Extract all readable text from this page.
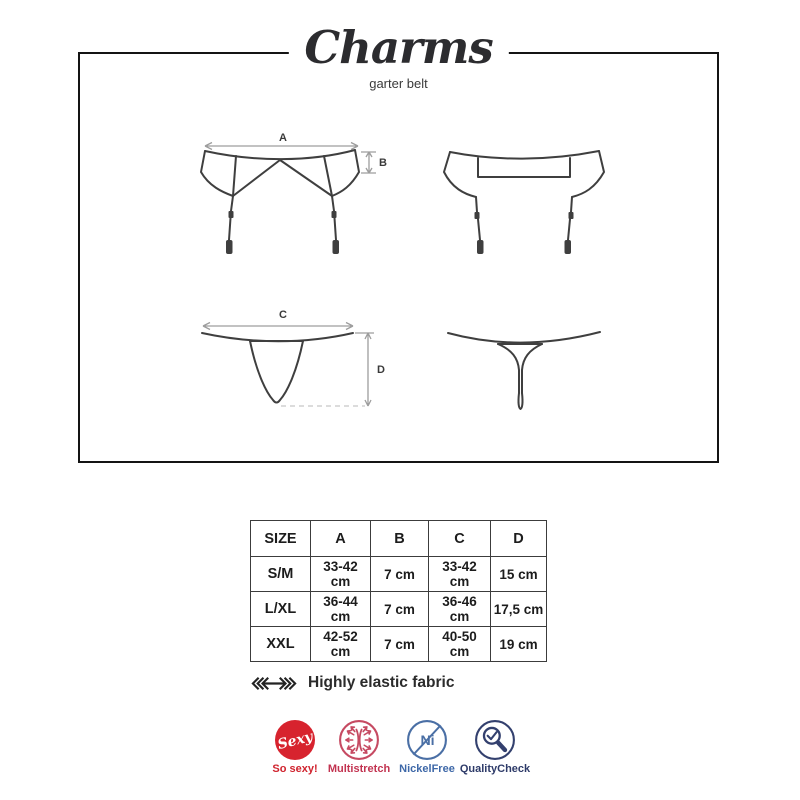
Charms
garter belt
A
B
C
D
SIZE	A	B	C	D
S/M	33-42 cm	7 cm	33-42 cm	15 cm
L/XL	36-44 cm	7 cm	36-46 cm	17,5 cm
XXL	42-52 cm	7 cm	40-50 cm	19 cm
Highly elastic fabric
Sexy
So sexy! Multistretch
Ni
NickelFree QualityCheck
